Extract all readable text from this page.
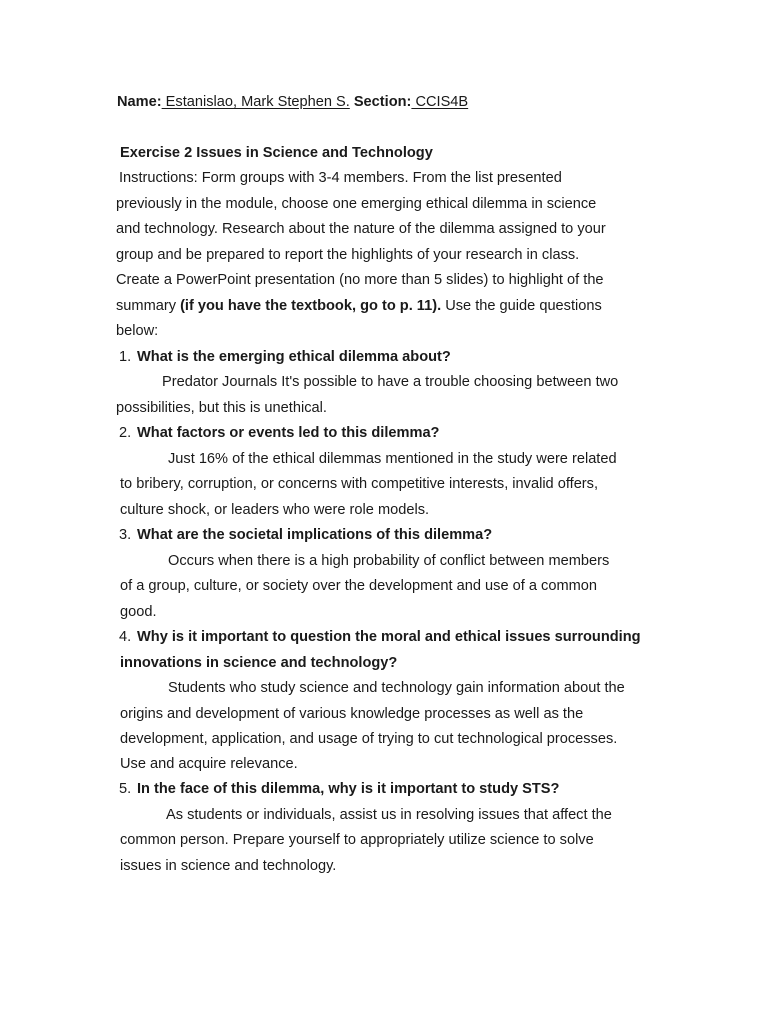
Name: Estanislao, Mark Stephen S. Section: CCIS4B
Exercise 2 Issues in Science and Technology
Instructions: Form groups with 3-4 members. From the list presented
previously in the module, choose one emerging ethical dilemma in science
and technology. Research about the nature of the dilemma assigned to your
group and be prepared to report the highlights of your research in class.
Create a PowerPoint presentation (no more than 5 slides) to highlight of the
summary (if you have the textbook, go to p. 11). Use the guide questions
below:
1. What is the emerging ethical dilemma about?
Predator Journals It's possible to have a trouble choosing between two
possibilities, but this is unethical.
2. What factors or events led to this dilemma?
Just 16% of the ethical dilemmas mentioned in the study were related
to bribery, corruption, or concerns with competitive interests, invalid offers,
culture shock, or leaders who were role models.
3. What are the societal implications of this dilemma?
Occurs when there is a high probability of conflict between members
of a group, culture, or society over the development and use of a common
good.
4. Why is it important to question the moral and ethical issues surrounding
innovations in science and technology?
Students who study science and technology gain information about the
origins and development of various knowledge processes as well as the
development, application, and usage of trying to cut technological processes.
Use and acquire relevance.
5. In the face of this dilemma, why is it important to study STS?
As students or individuals, assist us in resolving issues that affect the
common person. Prepare yourself to appropriately utilize science to solve
issues in science and technology.
